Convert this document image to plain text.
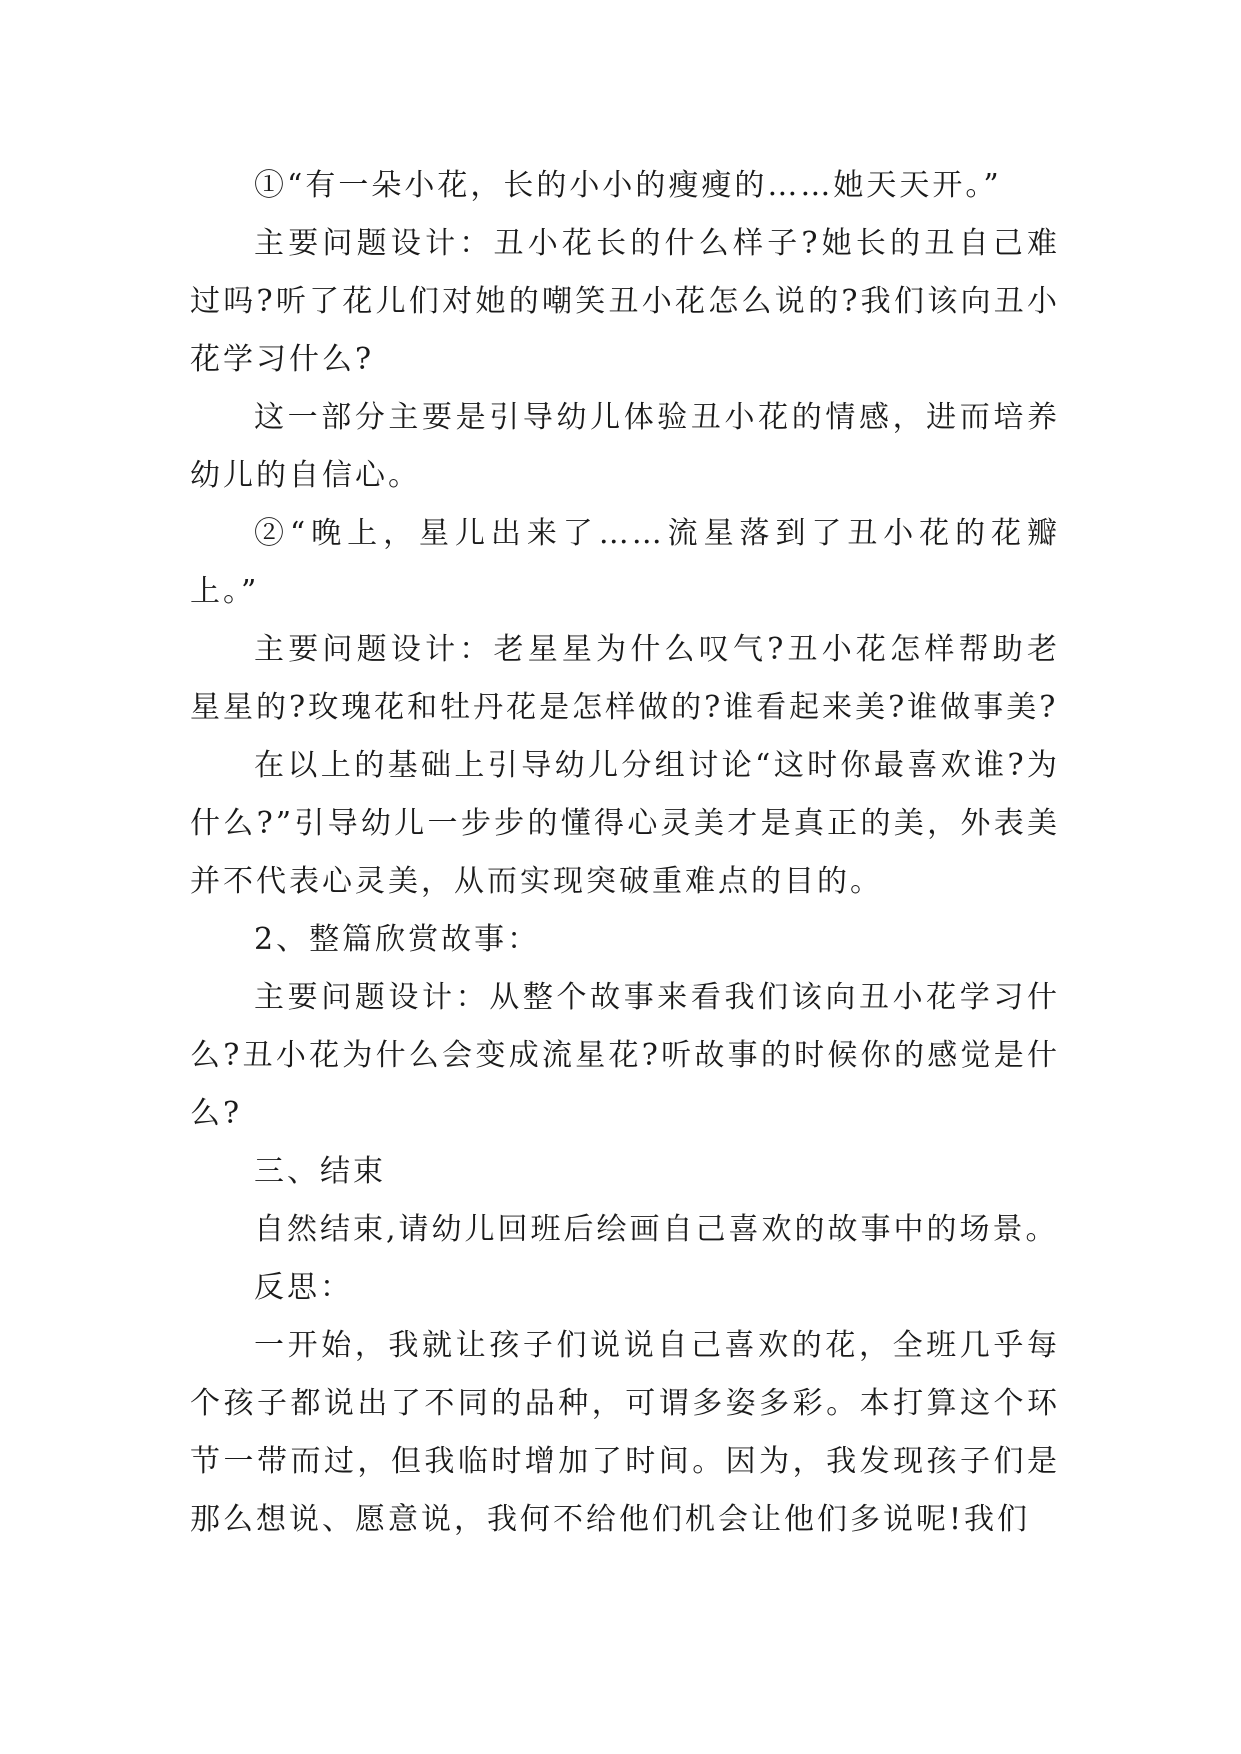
①“有一朵小花，长的小小的瘦瘦的……她天天开。”

主要问题设计：丑小花长的什么样子?她长的丑自己难过吗?听了花儿们对她的嘲笑丑小花怎么说的?我们该向丑小花学习什么?

这一部分主要是引导幼儿体验丑小花的情感，进而培养幼儿的自信心。

②“晚上，星儿出来了……流星落到了丑小花的花瓣上。”

主要问题设计：老星星为什么叹气?丑小花怎样帮助老星星的?玫瑰花和牡丹花是怎样做的?谁看起来美?谁做事美?

在以上的基础上引导幼儿分组讨论“这时你最喜欢谁?为什么?”引导幼儿一步步的懂得心灵美才是真正的美，外表美并不代表心灵美，从而实现突破重难点的目的。

2、整篇欣赏故事：

主要问题设计：从整个故事来看我们该向丑小花学习什么?丑小花为什么会变成流星花?听故事的时候你的感觉是什么?

三、结束

自然结束,请幼儿回班后绘画自己喜欢的故事中的场景。

反思：

一开始，我就让孩子们说说自己喜欢的花，全班几乎每个孩子都说出了不同的品种，可谓多姿多彩。本打算这个环节一带而过，但我临时增加了时间。因为，我发现孩子们是那么想说、愿意说，我何不给他们机会让他们多说呢!我们
